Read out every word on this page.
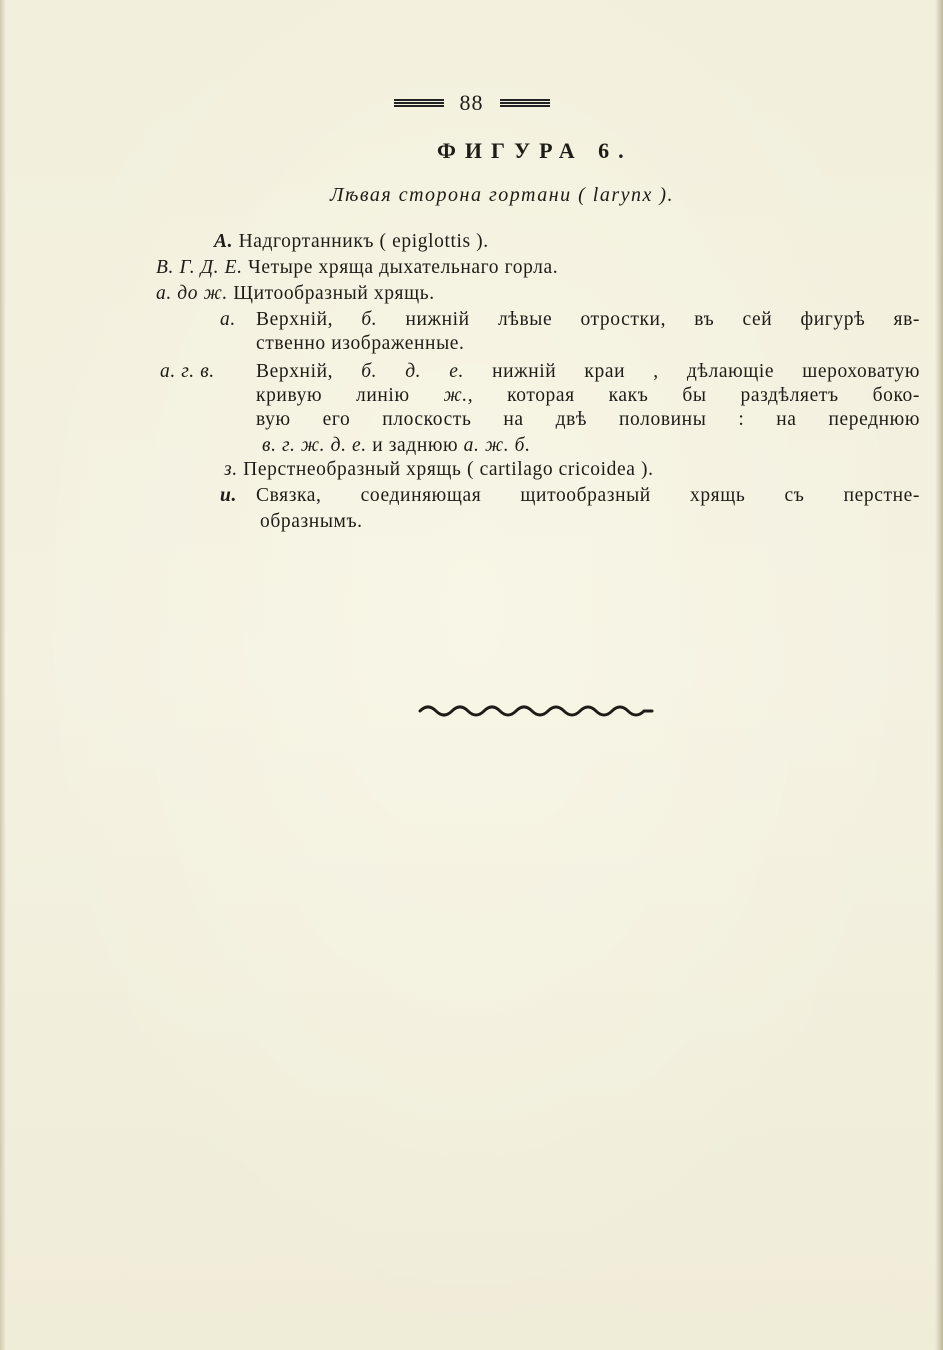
88
ФИГУРА 6.
Лѣвая сторона гортани ( larynx ).
А. Надгортанникъ ( epiglottis ).
В. Г. Д. Е. Четыре хряща дыхательнаго горла.
а. до ж. Щитообразный хрящь.
а. Верхній, б. нижній лѣвые отростки, въ сей фигурѣ яв-
ственно изображенные.
а. г. в. Верхній, б. д. е. нижній краи , дѣлающіе шероховатую
кривую линію ж., которая какъ бы раздѣляетъ боко-
вую его плоскость на двѣ половины : на переднюю
в. г. ж. д. е. и заднюю а. ж. б.
з. Перстнеобразный хрящь ( cartilago cricoidea ).
и. Связка, соединяющая щитообразный хрящь съ перстне-
образнымъ.
